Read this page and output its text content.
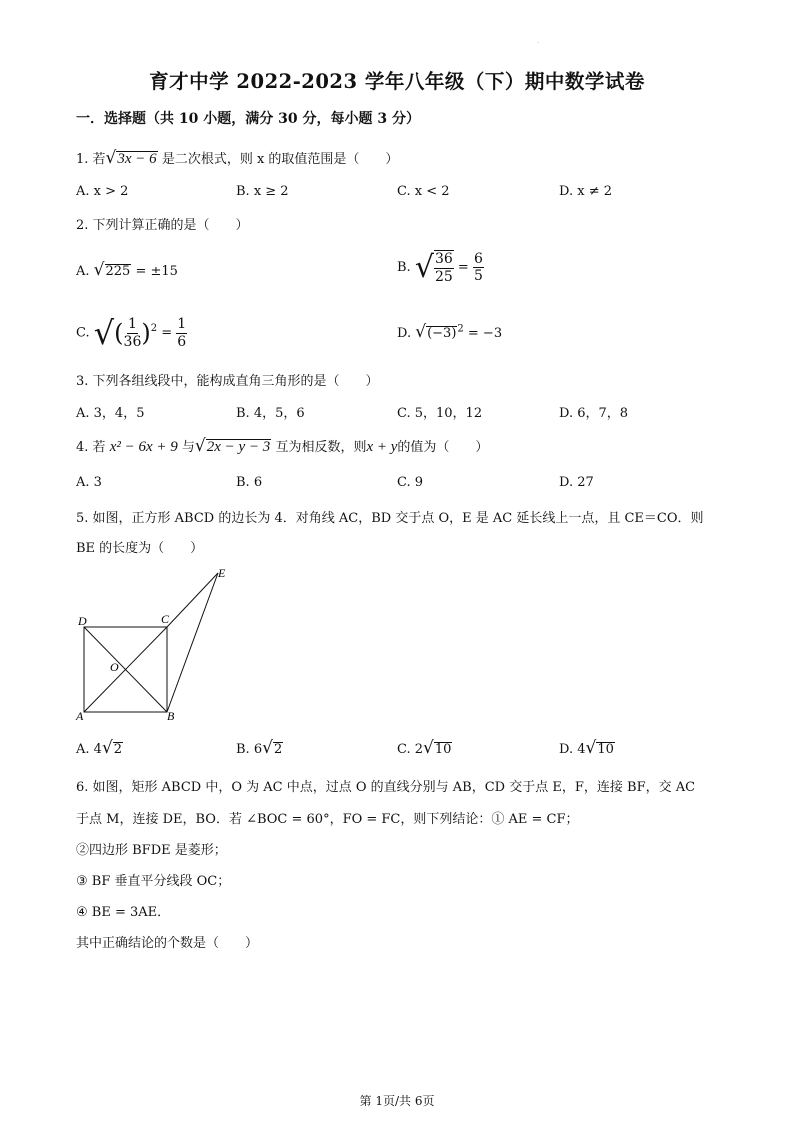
·
育才中学 2022-2023 学年八年级（下）期中数学试卷
一．选择题（共 10 小题，满分 30 分，每小题 3 分）
1. 若√3x − 6 是二次根式，则 x 的取值范围是（　　）
A. x > 2	B. x ≥ 2	C. x < 2	D. x ≠ 2
2. 下列计算正确的是（　　）
A. √225 = ±15	B. √ $\frac{36}{25} = \frac{6}{5}$
C. √( $\frac{1}{36} )^2 = \frac{1}{6}$	D. $√(-3)^2 = -3$
3. 下列各组线段中，能构成直角三角形的是（　　）
A. 3，4，5	B. 4，5，6	C. 5，10，12	D. 6，7，8
4. 若 x² − 6x + 9 与√2x − y − 3 互为相反数，则x + y的值为（　　）
A. 3	B. 6	C. 9	D. 27
5. 如图，正方形 ABCD 的边长为 4．对角线 AC，BD 交于点 O，E 是 AC 延长线上一点，且 CE＝CO．则
BE 的长度为（　　）
D	C
O
A	B
E
A. 4√2	B. 6√2	C. 2√10	D. 4√10
6. 如图，矩形 ABCD 中，O 为 AC 中点，过点 O 的直线分别与 AB，CD 交于点 E，F，连接 BF，交 AC
于点 M，连接 DE，BO．若 ∠BOC = 60°，FO = FC，则下列结论：① AE = CF；
②四边形 BFDE 是菱形；
③ BF 垂直平分线段 OC；
④ BE = 3AE．
其中正确结论的个数是（　　）
第 1页/共 6页
